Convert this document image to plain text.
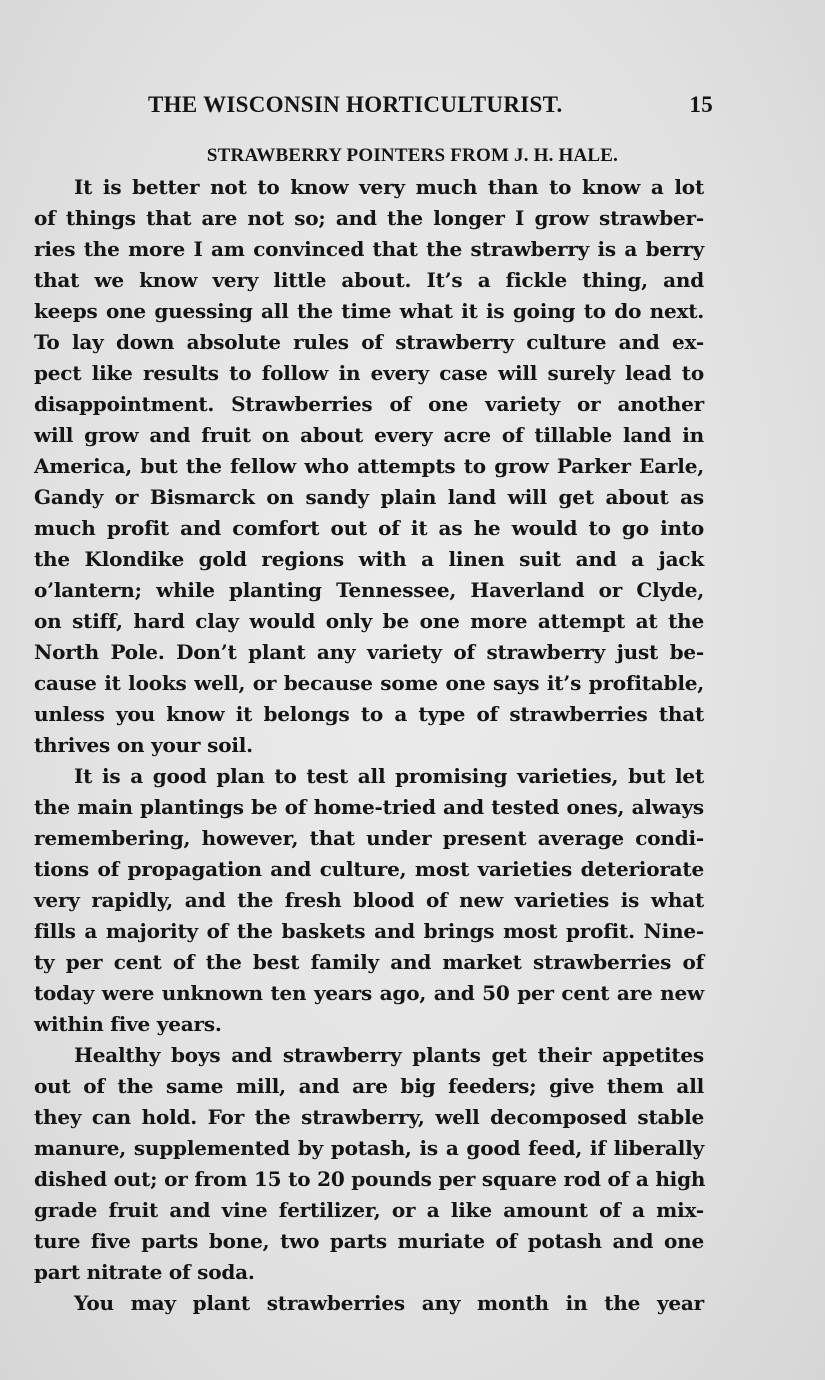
THE WISCONSIN HORTICULTURIST.	15
STRAWBERRY POINTERS FROM J. H. HALE.
It is better not to know very much than to know a lot
of things that are not so; and the longer I grow strawber-
ries the more I am convinced that the strawberry is a berry
that we know very little about. It’s a fickle thing, and
keeps one guessing all the time what it is going to do next.
To lay down absolute rules of strawberry culture and ex-
pect like results to follow in every case will surely lead to
disappointment. Strawberries of one variety or another
will grow and fruit on about every acre of tillable land in
America, but the fellow who attempts to grow Parker Earle,
Gandy or Bismarck on sandy plain land will get about as
much profit and comfort out of it as he would to go into
the Klondike gold regions with a linen suit and a jack
o’lantern; while planting Tennessee, Haverland or Clyde,
on stiff, hard clay would only be one more attempt at the
North Pole. Don’t plant any variety of strawberry just be-
cause it looks well, or because some one says it’s profitable,
unless you know it belongs to a type of strawberries that
thrives on your soil.
It is a good plan to test all promising varieties, but let
the main plantings be of home-tried and tested ones, always
remembering, however, that under present average condi-
tions of propagation and culture, most varieties deteriorate
very rapidly, and the fresh blood of new varieties is what
fills a majority of the baskets and brings most profit. Nine-
ty per cent of the best family and market strawberries of
today were unknown ten years ago, and 50 per cent are new
within five years.
Healthy boys and strawberry plants get their appetites
out of the same mill, and are big feeders; give them all
they can hold. For the strawberry, well decomposed stable
manure, supplemented by potash, is a good feed, if liberally
dished out; or from 15 to 20 pounds per square rod of a high
grade fruit and vine fertilizer, or a like amount of a mix-
ture five parts bone, two parts muriate of potash and one
part nitrate of soda.
You may plant strawberries any month in the year
